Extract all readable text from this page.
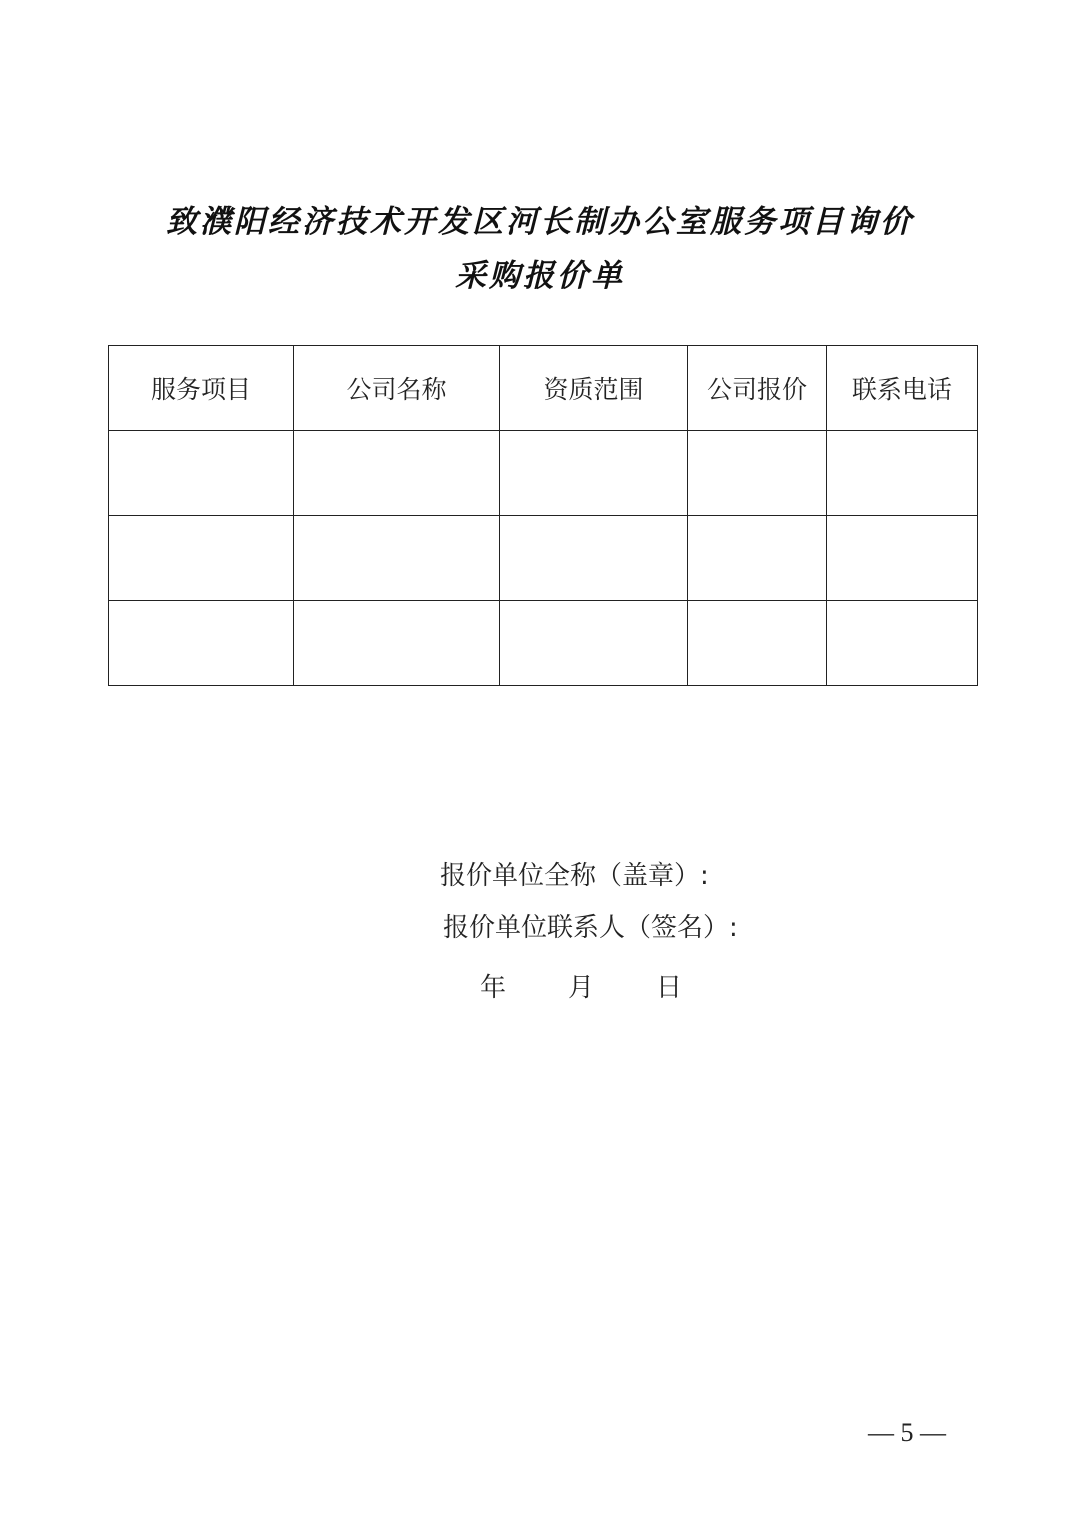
致濮阳经济技术开发区河长制办公室服务项目询价
采购报价单
服务项目	公司名称	资质范围	公司报价	联系电话

报价单位全称（盖章）:
报价单位联系人（签名）:
年 月 日
— 5 —
